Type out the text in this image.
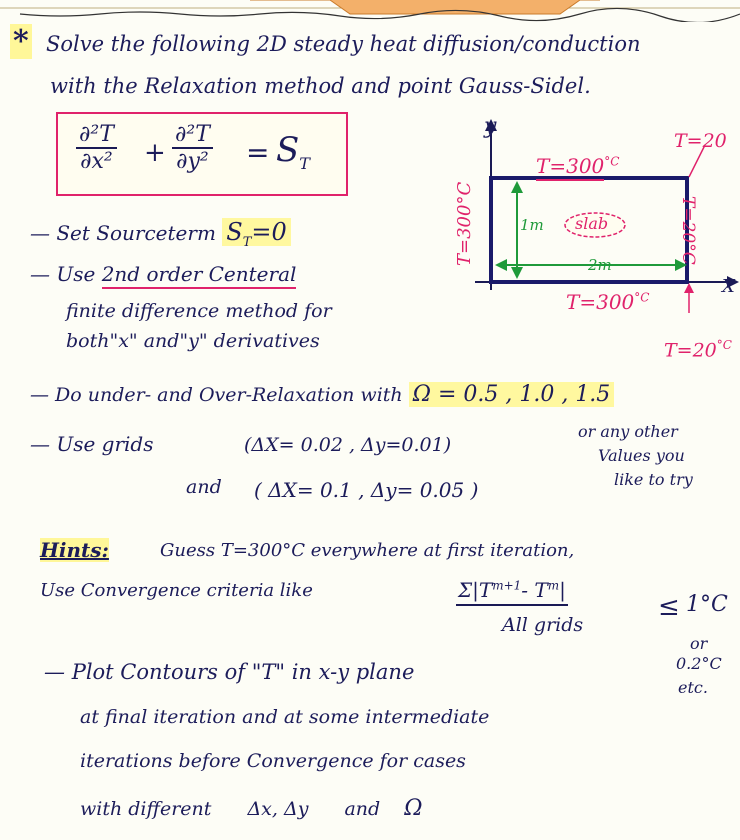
* Solve the following 2D steady heat diffusion/conduction
with the Relaxation method and point Gauss-Sidel.
$\frac{\text{∂²T}}{\text{∂x²}} + \frac{\text{∂²T}}{\text{∂y²}} = S_T$
— Set Sourceterm $S_T=0$
— Use 2nd order Centeral
finite difference method for
both"x" and"y" derivatives
y
X
$T=300^{^\circ C}$
T=20
T=300°C	T=20°C
1m slab
2m
$T=300^{^\circ C}$
$T=20^{^\circ C}$
— Do under- and Over-Relaxation with Ω = 0.5 , 1.0 , 1.5
— Use grids	(ΔX= 0.02 , Δy=0.01)
and ( ΔX= 0.1 , Δy= 0.05 )
or any other
Values you
like to try
Hints:	Guess T=300°C everywhere at first iteration,
Use Convergence criteria like	$\Sigma|T^{m+1}-$ $T^m|$
All grids
≤ 1°C
or
0.2°C
etc.
— Plot Contours of "T" in x-y plane
at final iteration and at some intermediate
iterations before Convergence for cases
with different Δx, Δy and Ω
